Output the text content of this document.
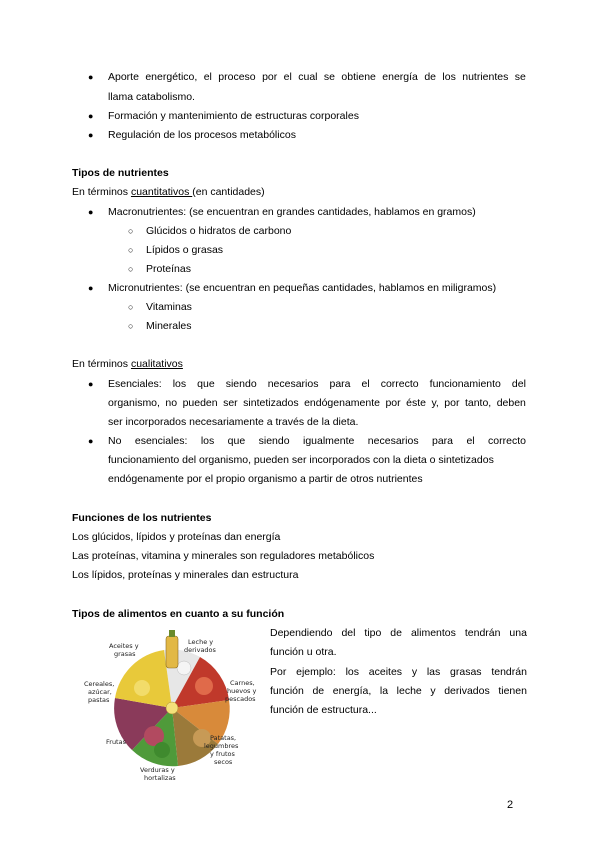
● Aporte energético, el proceso por el cual se obtiene energía de los nutrientes se
llama catabolismo.
● Formación y mantenimiento de estructuras corporales
● Regulación de los procesos metabólicos
Tipos de nutrientes
En términos cuantitativos (en cantidades)
● Macronutrientes: (se encuentran en grandes cantidades, hablamos en gramos)
○ Glúcidos o hidratos de carbono
○ Lípidos o grasas
○ Proteínas
● Micronutrientes: (se encuentran en pequeñas cantidades, hablamos en miligramos)
○ Vitaminas
○ Minerales
En términos cualitativos
● Esenciales: los que siendo necesarios para el correcto funcionamiento del
organismo, no pueden ser sintetizados endógenamente por éste y, por tanto, deben
ser incorporados necesariamente a través de la dieta.
● No esenciales: los que siendo igualmente necesarios para el correcto
funcionamiento del organismo, pueden ser incorporados con la dieta o sintetizados
endógenamente por el propio organismo a partir de otros nutrientes
Funciones de los nutrientes
Los glúcidos, lípidos y proteínas dan energía
Las proteínas, vitamina y minerales son reguladores metabólicos
Los lípidos, proteínas y minerales dan estructura
Tipos de alimentos en cuanto a su función
Dependiendo del tipo de alimentos tendrán una
función u otra.
Por ejemplo: los aceites y las grasas tendrán
función de energía, la leche y derivados tienen
función de estructura...
Aceites y grasas
Leche y derivados
Carnes, huevos y pescados
Cereales, azúcar, pastas
Frutas	Patatas, legumbres y frutos secos
Verduras y hortalizas
2
